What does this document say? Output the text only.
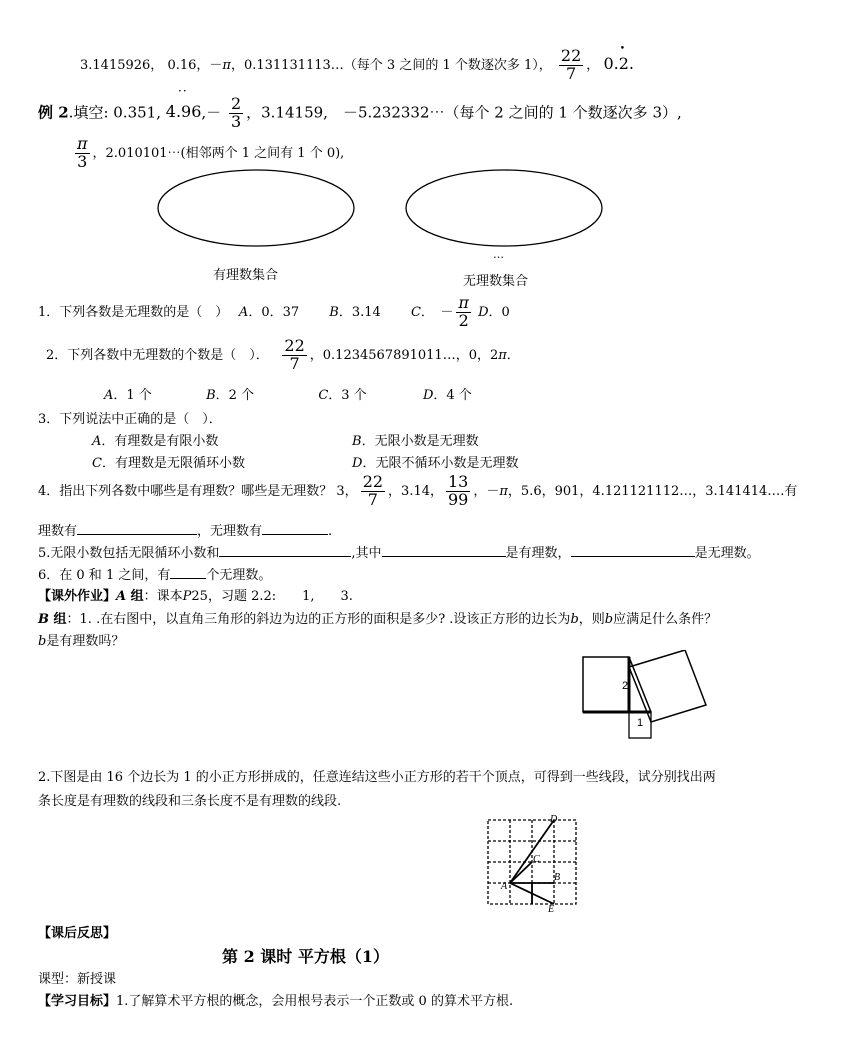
3.1415926， 0.16，－π，0.131131113…（每个 3 之间的 1 个数逐次多 1）， $\frac{22}{7}$ ， 0.• 2.
例 2.填空: 0.351, $4.96,- \frac{2}{3}$ ，3.14159,　－5.232332⋯（每个 2 之间的 1 个数逐次多 3）,
··
$\frac{\pi}{3}$ ，2.010101⋯(相邻两个 1 之间有 1 个 0),
…
有理数集合	无理数集合
1．下列各数是无理数的是（　）　 A．0．37　　 B．3.14　　 C．　－ $\frac{\pi}{2}$ D．0
2．下列各数中无理数的个数是（　）．　 $\frac{22}{7}$ ，0.1234567891011…，0，2π．
A．1 个	B．2 个	C．3 个	D．4 个
3．下列说法中正确的是（　）．
A．有理数是有限小数	B．无限小数是无理数
C．有理数是无限循环小数	D．无限不循环小数是无理数
4．指出下列各数中哪些是有理数？哪些是无理数？ 3， $\frac{22}{7}$ ，3.14， $\frac{13}{99}$ ，－π，5.6，901，4.121121112…，3.141414….有
理数有	，无理数有	.
5.无限小数包括无限循环小数和	,其中	是有理数，	是无理数。
6．在 0 和 1 之间，有	个无理数。
【课外作业】A 组：课本P25，习题 2.2:　　1,　　3.
B 组：1. .在右图中，以直角三角形的斜边为边的正方形的面积是多少? .设该正方形的边长为b，则b应满足什么条件？
b是有理数吗？
2
1
2.下图是由 16 个边长为 1 的小正方形拼成的，任意连结这些小正方形的若干个顶点，可得到一些线段，试分别找出两
条长度是有理数的线段和三条长度不是有理数的线段.
D
C
A
B
E
【课后反思】
第 2 课时 平方根（1）
课型：新授课
【学习目标】1.了解算术平方根的概念，会用根号表示一个正数或 0 的算术平方根.
